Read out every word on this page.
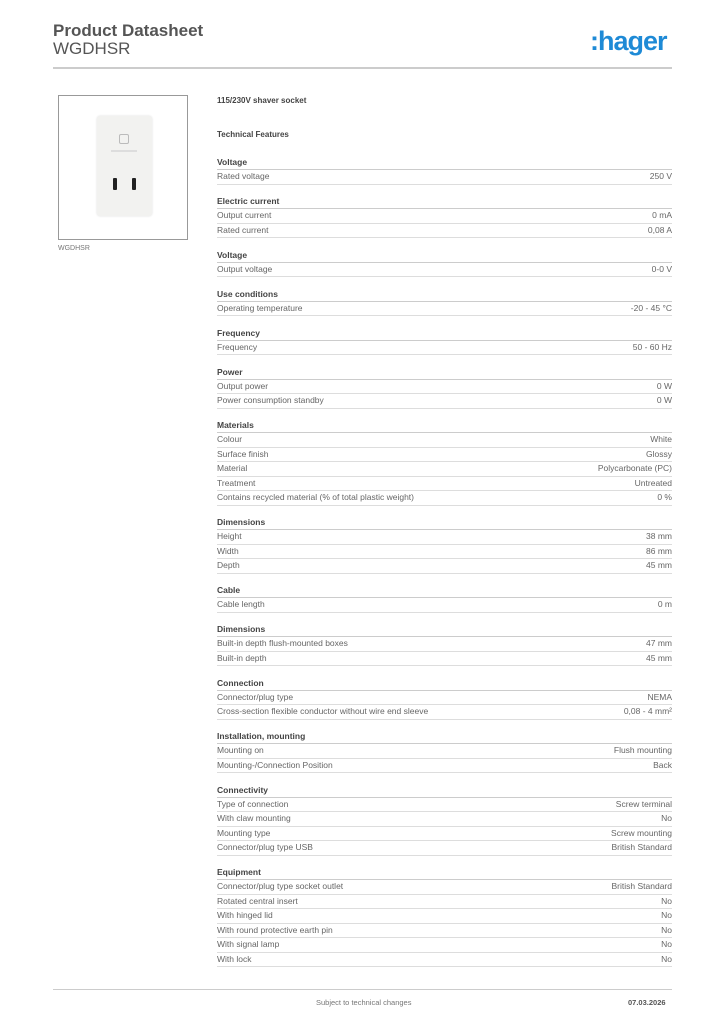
Product Datasheet
WGDHSR	:hager
WGDHSR
115/230V shaver socket
Technical Features
Voltage
Rated voltage	250 V
Electric current
Output current	0 mA
Rated current	0,08 A
Voltage
Output voltage	0-0 V
Use conditions
Operating temperature	-20 - 45 °C
Frequency
Frequency	50 - 60 Hz
Power
Output power	0 W
Power consumption standby	0 W
Materials
Colour	White
Surface finish	Glossy
Material	Polycarbonate (PC)
Treatment	Untreated
Contains recycled material (% of total plastic weight)	0 %
Dimensions
Height	38 mm
Width	86 mm
Depth	45 mm
Cable
Cable length	0 m
Dimensions
Built-in depth flush-mounted boxes	47 mm
Built-in depth	45 mm
Connection
Connector/plug type	NEMA
Cross-section flexible conductor without wire end sleeve	0,08 - 4 mm²
Installation, mounting
Mounting on	Flush mounting
Mounting-/Connection Position	Back
Connectivity
Type of connection	Screw terminal
With claw mounting	No
Mounting type	Screw mounting
Connector/plug type USB	British Standard
Equipment
Connector/plug type socket outlet	British Standard
Rotated central insert	No
With hinged lid	No
With round protective earth pin	No
With signal lamp	No
With lock	No
Subject to technical changes	07.03.2026
